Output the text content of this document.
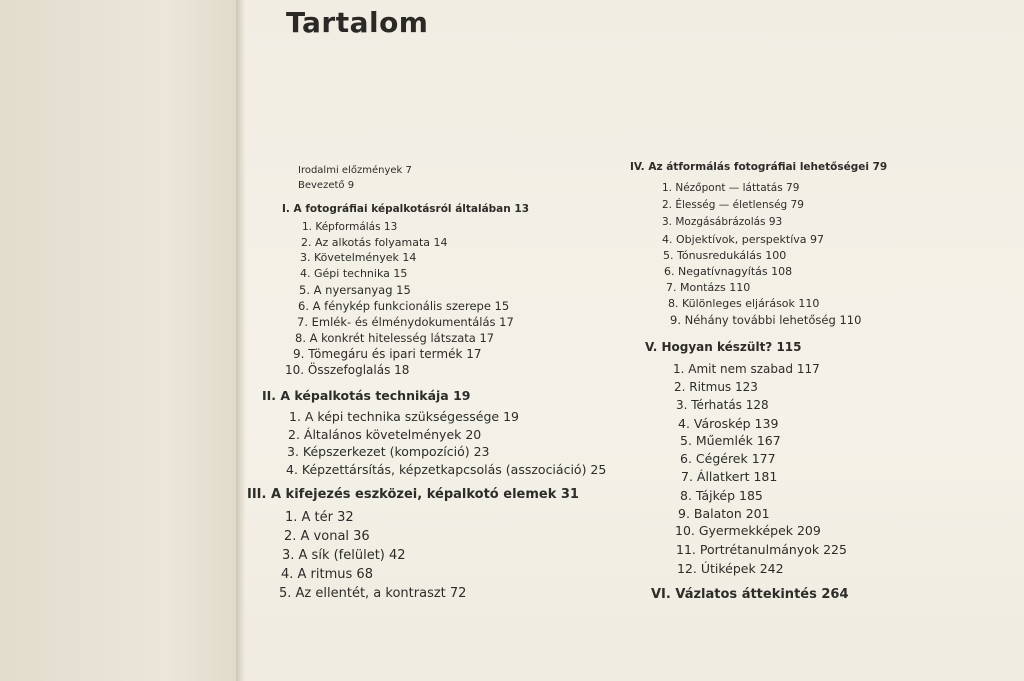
Tartalom
Irodalmi előzmények 7
Bevezető 9
I. A fotográfiai képalkotásról általában 13
1. Képformálás 13
2. Az alkotás folyamata 14
3. Követelmények 14
4. Gépi technika 15
5. A nyersanyag 15
6. A fénykép funkcionális szerepe 15
7. Emlék- és élménydokumentálás 17
8. A konkrét hitelesség látszata 17
9. Tömegáru és ipari termék 17
10. Összefoglalás 18
II. A képalkotás technikája 19
1. A képi technika szükségessége 19
2. Általános követelmények 20
3. Képszerkezet (kompozíció) 23
4. Képzettársítás, képzetkapcsolás (asszociáció) 25
III. A kifejezés eszközei, képalkotó elemek 31
1. A tér 32
2. A vonal 36
3. A sík (felület) 42
4. A ritmus 68
5. Az ellentét, a kontraszt 72
IV. Az átformálás fotográfiai lehetőségei 79
1. Nézőpont — láttatás 79
2. Élesség — életlenség 79
3. Mozgásábrázolás 93
4. Objektívok, perspektíva 97
5. Tónusredukálás 100
6. Negatívnagyítás 108
7. Montázs 110
8. Különleges eljárások 110
9. Néhány további lehetőség 110
V. Hogyan készült? 115
1. Amit nem szabad 117
2. Ritmus 123
3. Térhatás 128
4. Városkép 139
5. Műemlék 167
6. Cégérek 177
7. Állatkert 181
8. Tájkép 185
9. Balaton 201
10. Gyermekképek 209
11. Portrétanulmányok 225
12. Útiképek 242
VI. Vázlatos áttekintés 264
